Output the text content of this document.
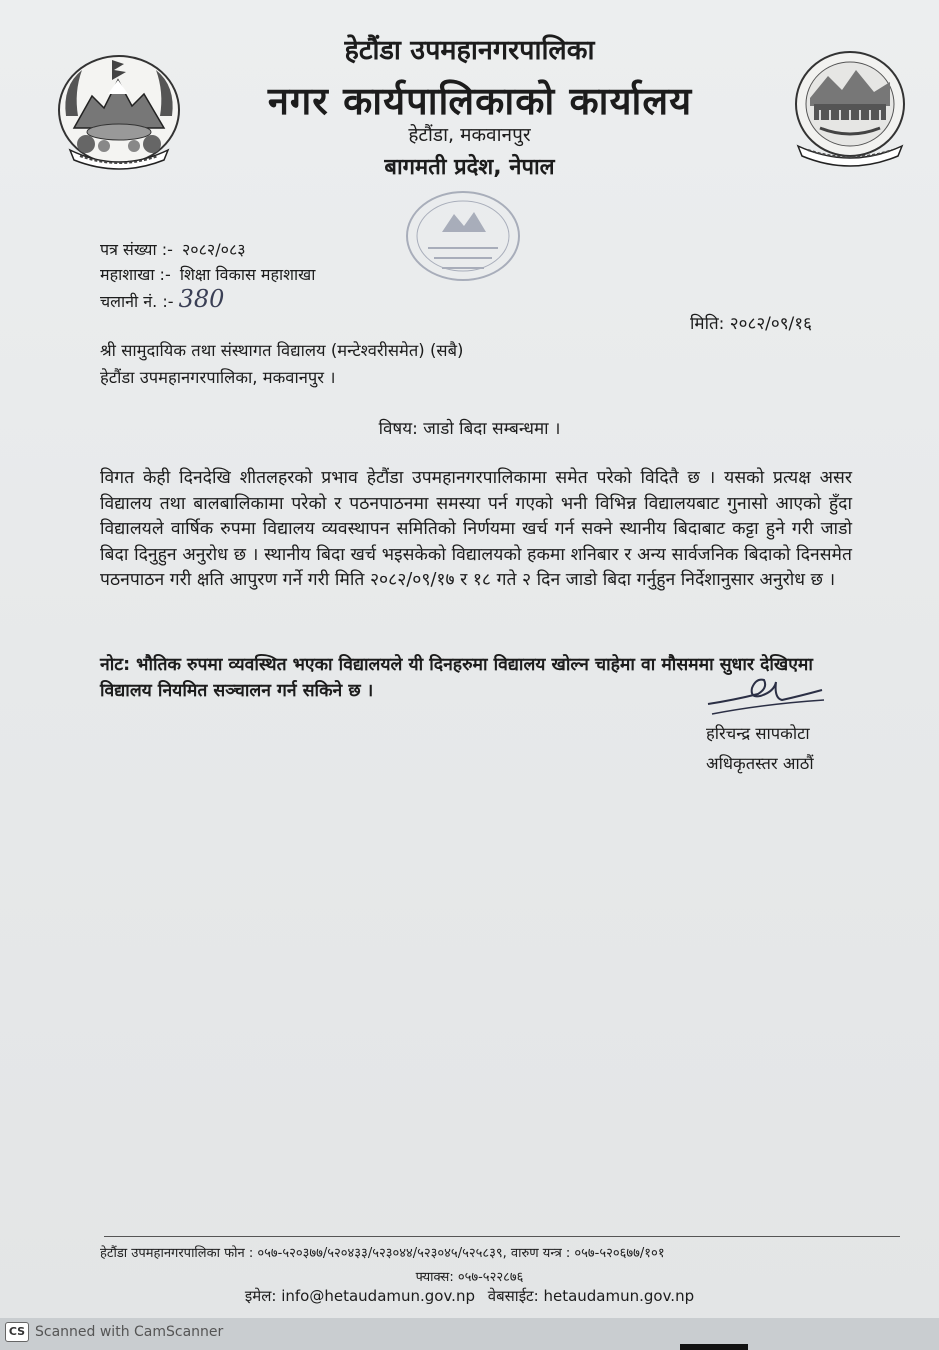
हेटौंडा उपमहानगरपालिका
नगर कार्यपालिकाको कार्यालय
हेटौंडा, मकवानपुर
बागमती प्रदेश, नेपाल
पत्र संख्या :- २०८२/०८३
महाशाखा :- शिक्षा विकास महाशाखा
चलानी नं. :- 380
मिति: २०८२/०९/१६
श्री सामुदायिक तथा संस्थागत विद्यालय (मन्टेश्वरीसमेत) (सबै)
हेटौंडा उपमहानगरपालिका, मकवानपुर ।
विषय: जाडो बिदा सम्बन्धमा ।
विगत केही दिनदेखि शीतलहरको प्रभाव हेटौंडा उपमहानगरपालिकामा समेत परेको विदितै छ । यसको प्रत्यक्ष असर विद्यालय तथा बालबालिकामा परेको र पठनपाठनमा समस्या पर्न गएको भनी विभिन्न विद्यालयबाट गुनासो आएको हुँदा विद्यालयले वार्षिक रुपमा विद्यालय व्यवस्थापन समितिको निर्णयमा खर्च गर्न सक्ने स्थानीय बिदाबाट कट्टा हुने गरी जाडो बिदा दिनुहुन अनुरोध छ । स्थानीय बिदा खर्च भइसकेको विद्यालयको हकमा शनिबार र अन्य सार्वजनिक बिदाको दिनसमेत पठनपाठन गरी क्षति आपुरण गर्ने गरी मिति २०८२/०९/१७ र १८ गते २ दिन जाडो बिदा गर्नुहुन निर्देशानुसार अनुरोध छ ।
नोट: भौतिक रुपमा व्यवस्थित भएका विद्यालयले यी दिनहरुमा विद्यालय खोल्न चाहेमा वा मौसममा सुधार देखिएमा विद्यालय नियमित सञ्चालन गर्न सकिने छ ।
हरिचन्द्र सापकोटा
अधिकृतस्तर आठौं
हेटौंडा उपमहानगरपालिका फोन : ०५७-५२०३७७/५२०४३३/५२३०४४/५२३०४५/५२५८३९, वारुण यन्त्र : ०५७-५२०६७७/१०१
फ्याक्स: ०५७-५२२८७६
इमेल: info@hetaudamun.gov.np वेबसाईट: hetaudamun.gov.np
CS Scanned with CamScanner
